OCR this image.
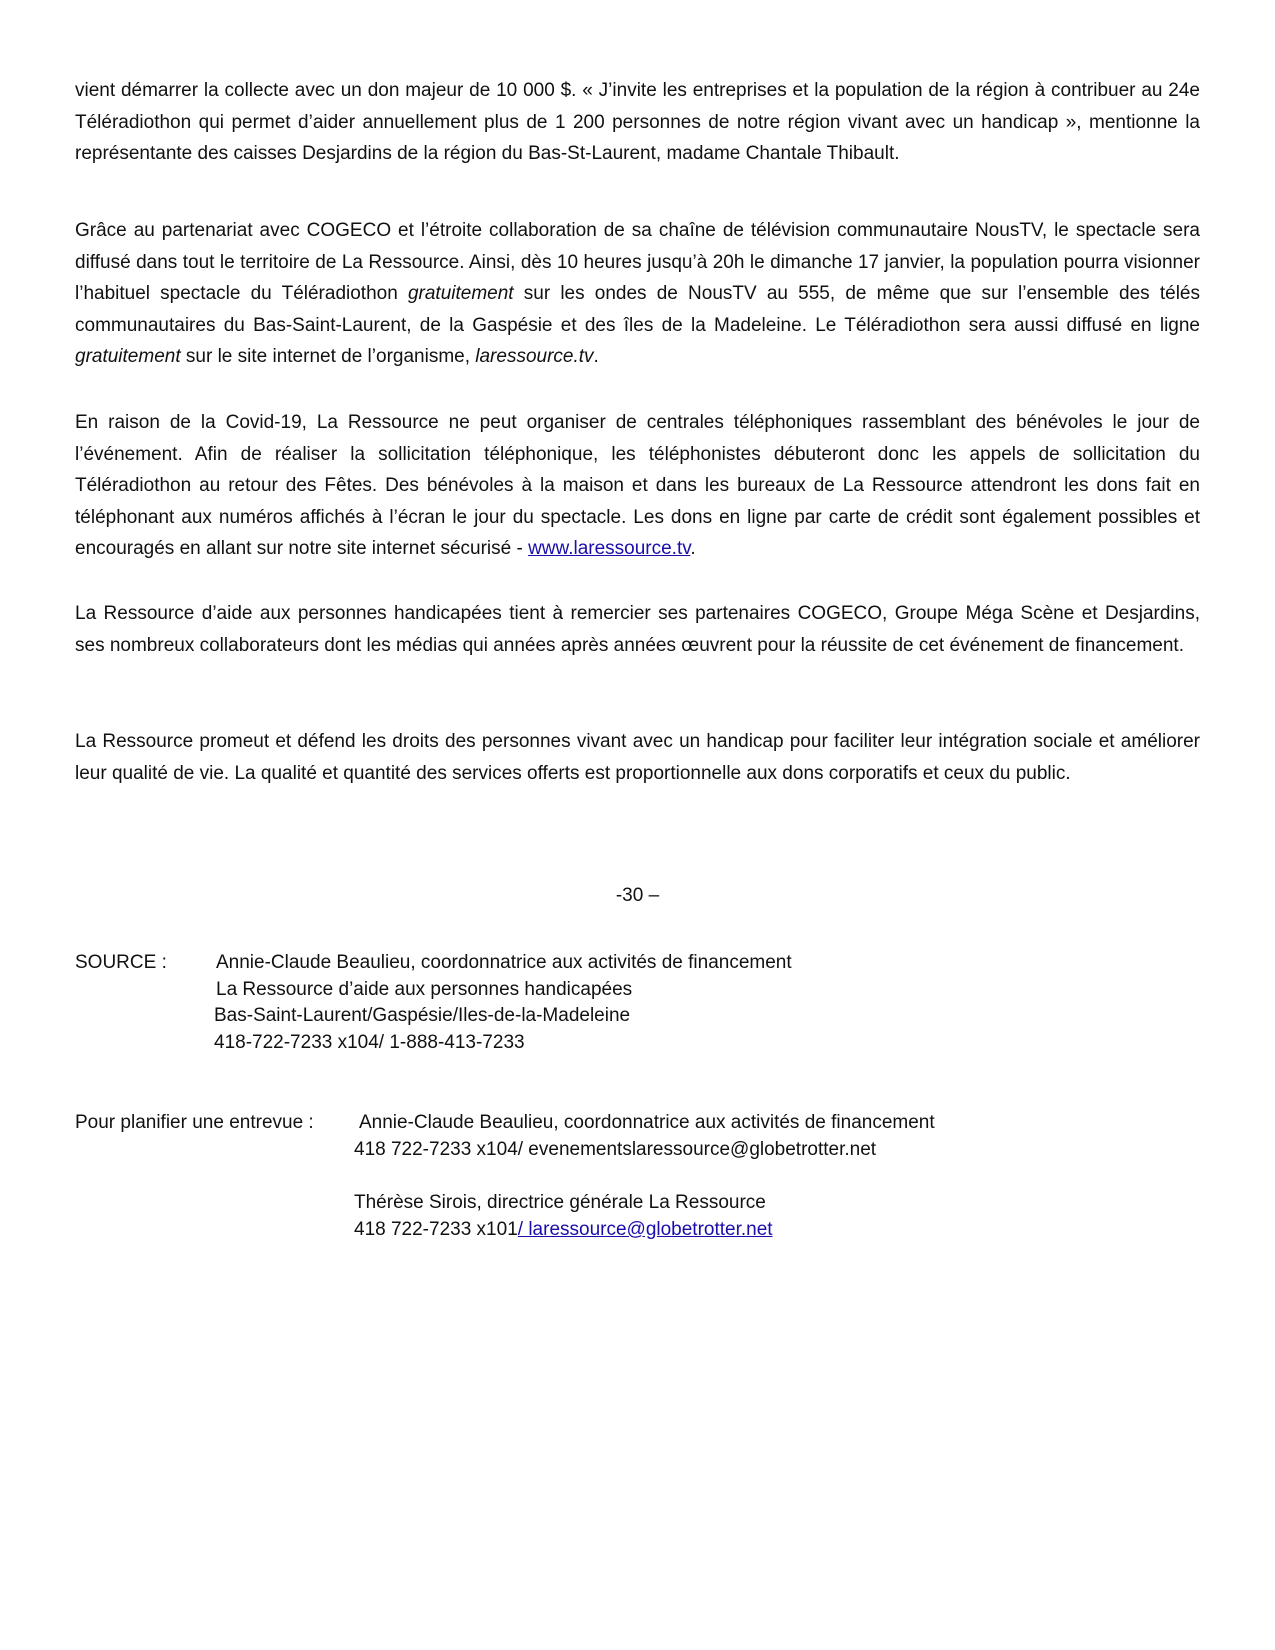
vient démarrer la collecte avec un don majeur de 10 000 $. « J’invite les entreprises et la population de la région à contribuer au 24e Téléradiothon qui permet d’aider annuellement plus de 1 200 personnes de notre région vivant avec un handicap », mentionne la représentante des caisses Desjardins de la région du Bas-St-Laurent, madame Chantale Thibault.

Grâce au partenariat avec COGECO et l’étroite collaboration de sa chaîne de télévision communautaire NousTV, le spectacle sera diffusé dans tout le territoire de La Ressource. Ainsi, dès 10 heures jusqu’à 20h le dimanche 17 janvier, la population pourra visionner l’habituel spectacle du Téléradiothon gratuitement sur les ondes de NousTV au 555, de même que sur l’ensemble des télés communautaires du Bas-Saint-Laurent, de la Gaspésie et des îles de la Madeleine. Le Téléradiothon sera aussi diffusé en ligne gratuitement sur le site internet de l’organisme, laressource.tv.

En raison de la Covid-19, La Ressource ne peut organiser de centrales téléphoniques rassemblant des bénévoles le jour de l’événement. Afin de réaliser la sollicitation téléphonique, les téléphonistes débuteront donc les appels de sollicitation du Téléradiothon au retour des Fêtes. Des bénévoles à la maison et dans les bureaux de La Ressource attendront les dons fait en téléphonant aux numéros affichés à l’écran le jour du spectacle. Les dons en ligne par carte de crédit sont également possibles et encouragés en allant sur notre site internet sécurisé - www.laressource.tv.

La Ressource d’aide aux personnes handicapées tient à remercier ses partenaires COGECO, Groupe Méga Scène et Desjardins, ses nombreux collaborateurs dont les médias qui années après années œuvrent pour la réussite de cet événement de financement.

La Ressource promeut et défend les droits des personnes vivant avec un handicap pour faciliter leur intégration sociale et améliorer leur qualité de vie. La qualité et quantité des services offerts est proportionnelle aux dons corporatifs et ceux du public.

-30 –
SOURCE :	Annie-Claude Beaulieu, coordonnatrice aux activités de financement
La Ressource d’aide aux personnes handicapées
Bas-Saint-Laurent/Gaspésie/Iles-de-la-Madeleine
418-722-7233 x104/ 1-888-413-7233
Pour planifier une entrevue : Annie-Claude Beaulieu, coordonnatrice aux activités de financement
418 722-7233 x104/ evenementslaressource@globetrotter.net
Thérèse Sirois, directrice générale La Ressource
418 722-7233 x101/ laressource@globetrotter.net
